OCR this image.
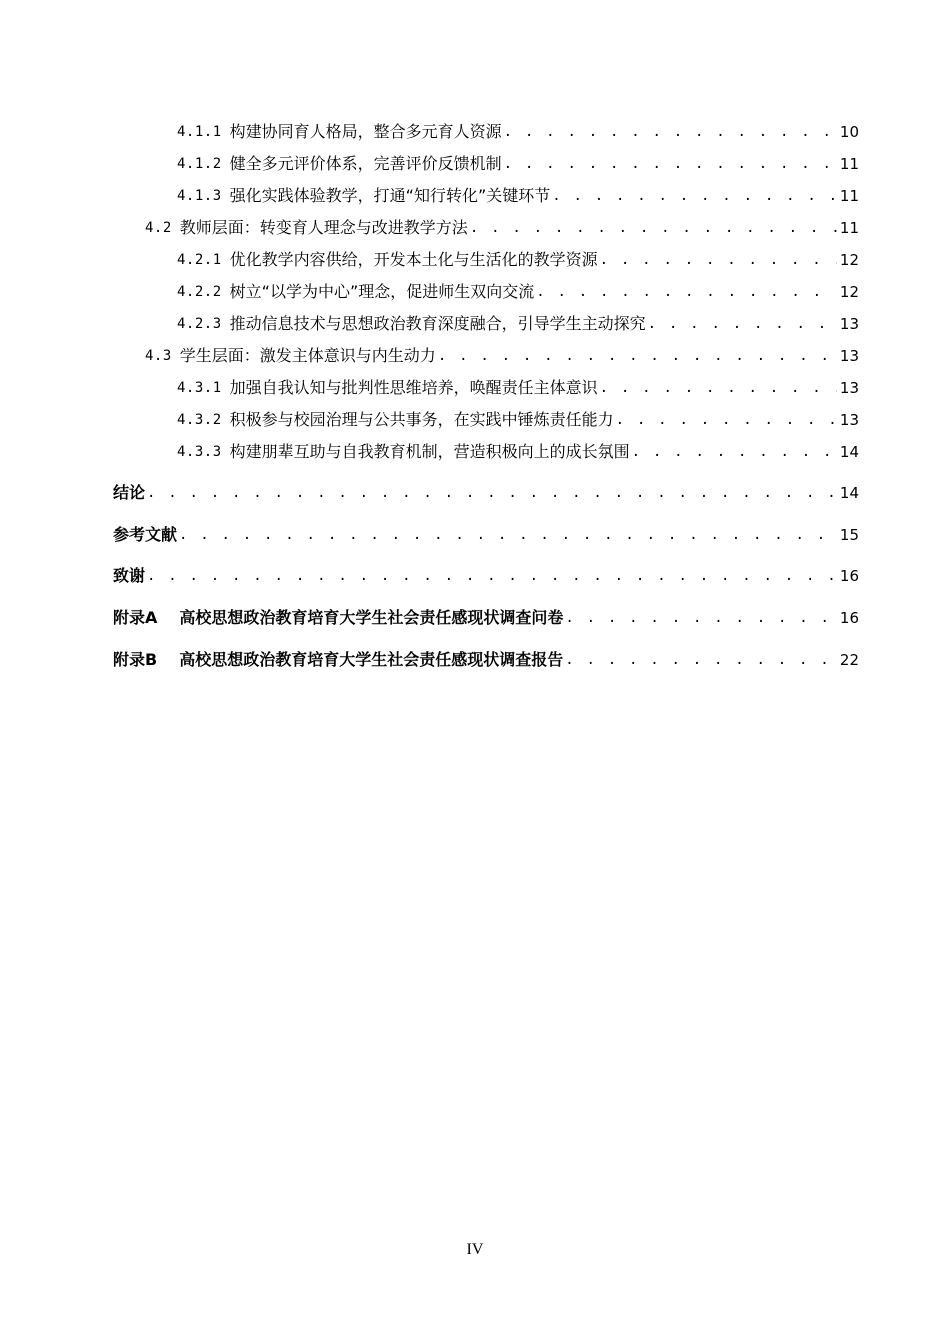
4.1.1 构建协同育人格局，整合多元育人资源 . . .	10
4.1.2 健全多元评价体系，完善评价反馈机制 . . .	11
4.1.3 强化实践体验教学，打通“知行转化”关键环节 . . .	11
4.2 教师层面：转变育人理念与改进教学方法 . . .	11
4.2.1 优化教学内容供给，开发本土化与生活化的教学资源 . . .	12
4.2.2 树立“以学为中心”理念，促进师生双向交流 . . .	12
4.2.3 推动信息技术与思想政治教育深度融合，引导学生主动探究 . . .	13
4.3 学生层面：激发主体意识与内生动力 . . .	13
4.3.1 加强自我认知与批判性思维培养，唤醒责任主体意识 . . .	13
4.3.2 积极参与校园治理与公共事务，在实践中锤炼责任能力 . . .	13
4.3.3 构建朋辈互助与自我教育机制，营造积极向上的成长氛围 . . .	14
结论 . . .	14
参考文献 . . .	15
致谢 . . .	16
附录A 高校思想政治教育培育大学生社会责任感现状调查问卷 . . .	16
附录B 高校思想政治教育培育大学生社会责任感现状调查报告 . . .	22
IV
